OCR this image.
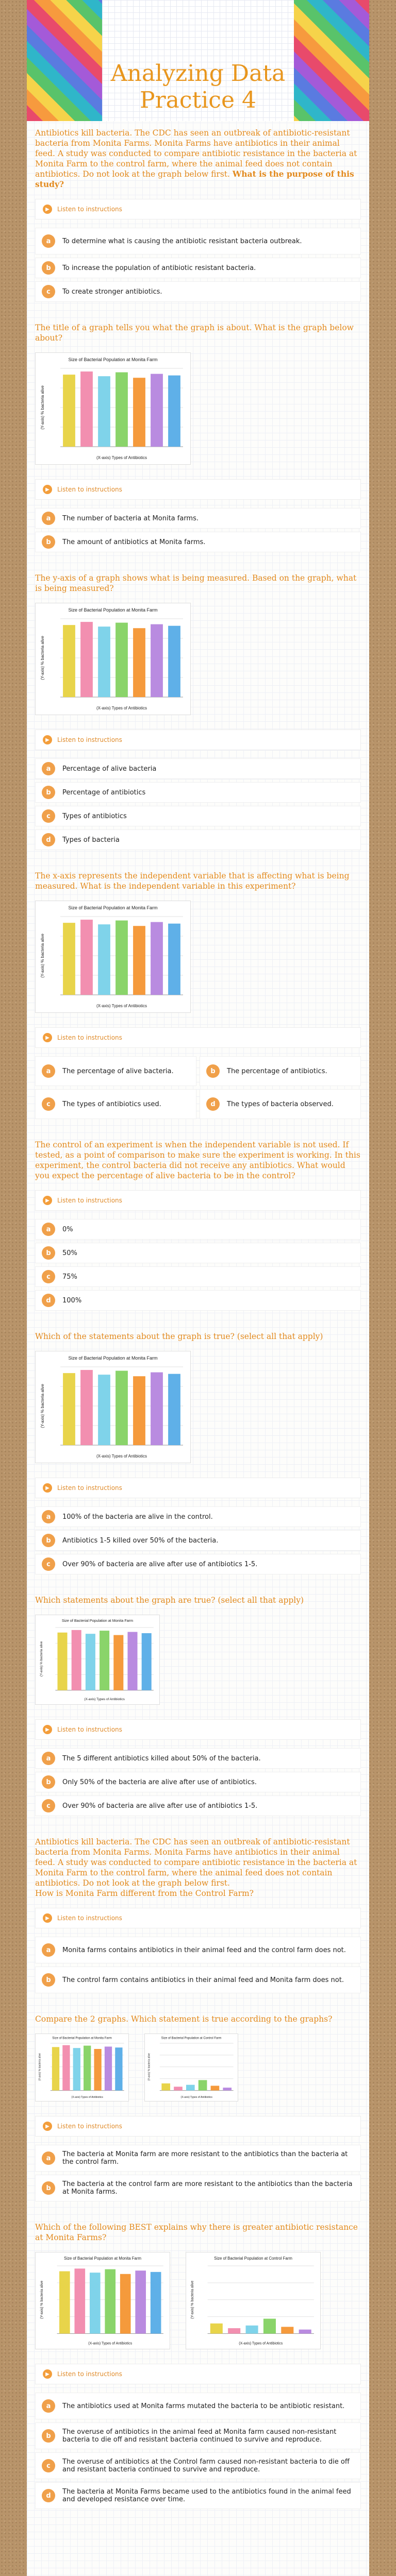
Analyzing Data
Practice 4

Antibiotics kill bacteria. The CDC has seen an outbreak of antibiotic-resistant bacteria from Monita Farms. Monita Farms have antibiotics in their animal feed. A study was conducted to compare antibiotic resistance in the bacteria at Monita Farm to the control farm, where the animal feed does not contain antibiotics. Do not look at the graph below first. What is the purpose of this study?

▶	Listen to instructions
a	To determine what is causing the antibiotic resistant bacteria outbreak.
b	To increase the population of antibiotic resistant bacteria.
c	To create stronger antibiotics.

The title of a graph tells you what the graph is about. What is the graph below about?

Size of Bacterial Population at Monita Farm
(Y-axis) % bacteria alive
(X-axis) Types of Antibiotics
▶	Listen to instructions
a	The number of bacteria at Monita farms.
b	The amount of antibiotics at Monita farms.

The y-axis of a graph shows what is being measured. Based on the graph, what is being measured?

Size of Bacterial Population at Monita Farm
(Y-axis) % bacteria alive
(X-axis) Types of Antibiotics
▶	Listen to instructions
a	Percentage of alive bacteria
b	Percentage of antibiotics
c	Types of antibiotics
d	Types of bacteria

The x-axis represents the independent variable that is affecting what is being measured. What is the independent variable in this experiment?

Size of Bacterial Population at Monita Farm
(Y-axis) % bacteria alive
(X-axis) Types of Antibiotics
▶	Listen to instructions
a	The percentage of alive bacteria.	b	The percentage of antibiotics.
c	The types of antibiotics used.	d	The types of bacteria observed.

The control of an experiment is when the independent variable is not used. If tested, as a point of comparison to make sure the experiment is working. In this experiment, the control bacteria did not receive any antibiotics. What would you expect the percentage of alive bacteria to be in the control?

▶	Listen to instructions
a	0%
b	50%
c	75%
d	100%

Which of the statements about the graph is true? (select all that apply)

Size of Bacterial Population at Monita Farm
(Y-axis) % bacteria alive
(X-axis) Types of Antibiotics
▶	Listen to instructions
a	100% of the bacteria are alive in the control.
b	Antibiotics 1-5 killed over 50% of the bacteria.
c	Over 90% of bacteria are alive after use of antibiotics 1-5.

Which statements about the graph are true? (select all that apply)

Size of Bacterial Population at Monita Farm
(Y-axis) % bacteria alive
(X-axis) Types of Antibiotics
▶	Listen to instructions
a	The 5 different antibiotics killed about 50% of the bacteria.
b	Only 50% of the bacteria are alive after use of antibiotics.
c	Over 90% of bacteria are alive after use of antibiotics 1-5.

Antibiotics kill bacteria. The CDC has seen an outbreak of antibiotic-resistant bacteria from Monita Farms. Monita Farms have antibiotics in their animal feed. A study was conducted to compare antibiotic resistance in the bacteria at Monita Farm to the control farm, where the animal feed does not contain antibiotics. Do not look at the graph below first.
How is Monita Farm different from the Control Farm?

▶	Listen to instructions
a	Monita farms contains antibiotics in their animal feed and the control farm does not.
b	The control farm contains antibiotics in their animal feed and Monita farm does not.

Compare the 2 graphs. Which statement is true according to the graphs?

Size of Bacterial Population at Monita Farm
(Y-axis) % bacteria alive
(X-axis) Types of Antibiotics
Size of Bacterial Population at Control Farm
(Y-axis) % bacteria alive
(X-axis) Types of Antibiotics
▶	Listen to instructions
a	The bacteria at Monita farm are more resistant to the antibiotics than the bacteria at the control farm.
b	The bacteria at the control farm are more resistant to the antibiotics than the bacteria at Monita farms.

Which of the following BEST explains why there is greater antibiotic resistance at Monita Farms?

Size of Bacterial Population at Monita Farm
(Y-axis) % bacteria alive
(X-axis) Types of Antibiotics
Size of Bacterial Population at Control Farm
(Y-axis) % bacteria alive
(X-axis) Types of Antibiotics
▶	Listen to instructions
a	The antibiotics used at Monita farms mutated the bacteria to be antibiotic resistant.
b	The overuse of antibiotics in the animal feed at Monita farm caused non-resistant bacteria to die off and resistant bacteria continued to survive and reproduce.
c	The overuse of antibiotics at the Control farm caused non-resistant bacteria to die off and resistant bacteria continued to survive and reproduce.
d	The bacteria at Monita Farms became used to the antibiotics found in the animal feed and developed resistance over time.
